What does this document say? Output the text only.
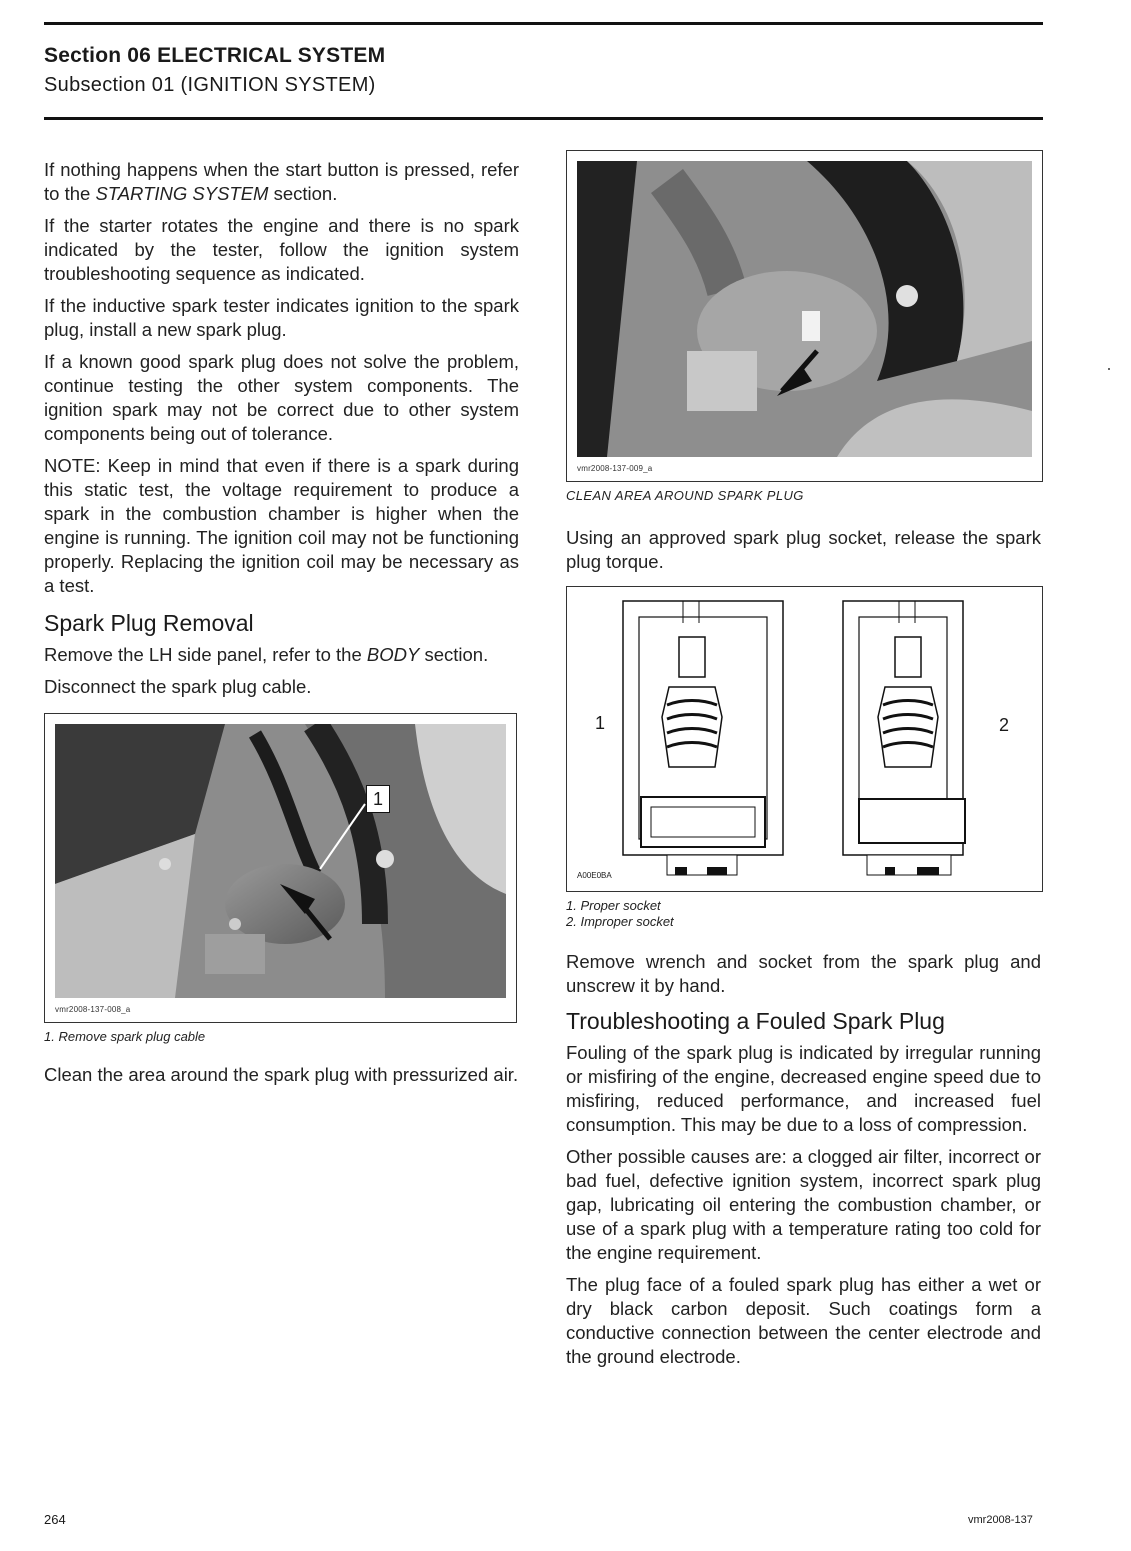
Section 06 ELECTRICAL SYSTEM
Subsection 01 (IGNITION SYSTEM)

If nothing happens when the start button is pressed, refer to the STARTING SYSTEM section.

If the starter rotates the engine and there is no spark indicated by the tester, follow the ignition system troubleshooting sequence as indicated.

If the inductive spark tester indicates ignition to the spark plug, install a new spark plug.

If a known good spark plug does not solve the problem, continue testing the other system components. The ignition spark may not be correct due to other system components being out of tolerance.

NOTE: Keep in mind that even if there is a spark during this static test, the voltage requirement to produce a spark in the combustion chamber is higher when the engine is running. The ignition coil may not be functioning properly. Replacing the ignition coil may be necessary as a test.

Spark Plug Removal

Remove the LH side panel, refer to the BODY section.

Disconnect the spark plug cable.

1
vmr2008-137-008_a

1. Remove spark plug cable

Clean the area around the spark plug with pressurized air.

vmr2008-137-009_a

CLEAN AREA AROUND SPARK PLUG

Using an approved spark plug socket, release the spark plug torque.

1	2
A00E0BA

1. Proper socket

2. Improper socket

Remove wrench and socket from the spark plug and unscrew it by hand.

Troubleshooting a Fouled Spark Plug

Fouling of the spark plug is indicated by irregular running or misfiring of the engine, decreased engine speed due to misfiring, reduced performance, and increased fuel consumption. This may be due to a loss of compression.

Other possible causes are: a clogged air filter, incorrect or bad fuel, defective ignition system, incorrect spark plug gap, lubricating oil entering the combustion chamber, or use of a spark plug with a temperature rating too cold for the engine requirement.

The plug face of a fouled spark plug has either a wet or dry black carbon deposit. Such coatings form a conductive connection between the center electrode and the ground electrode.

264	vmr2008-137
